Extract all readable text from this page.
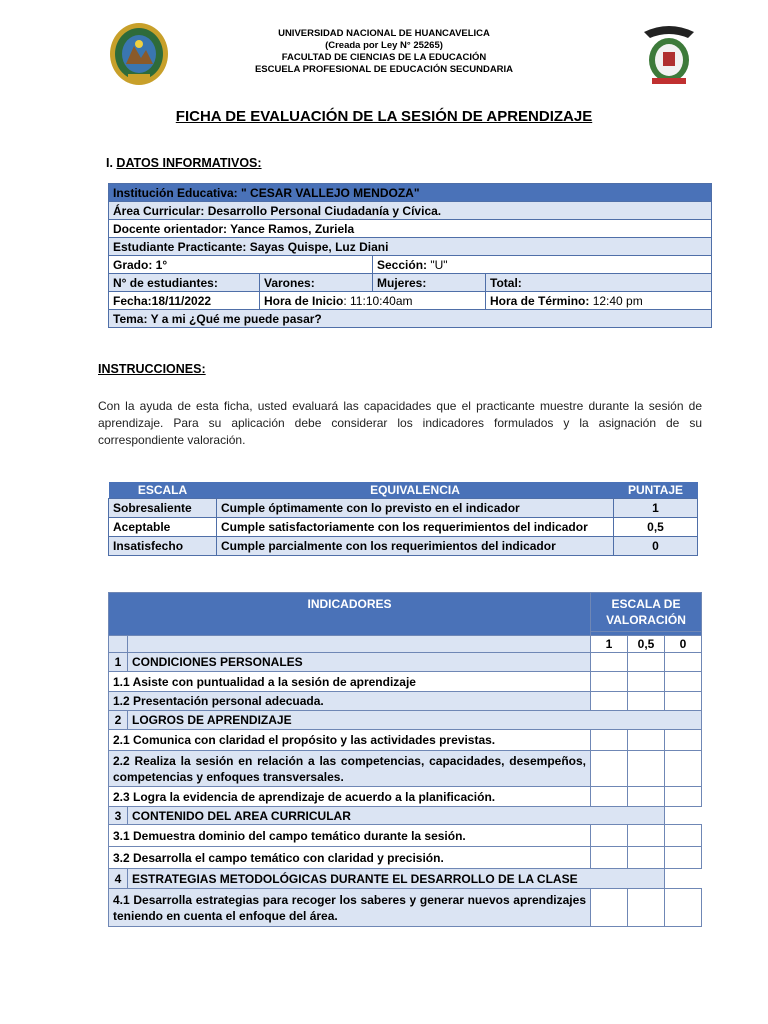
UNIVERSIDAD NACIONAL DE HUANCAVELICA
(Creada por Ley N° 25265)
FACULTAD DE CIENCIAS DE LA EDUCACIÓN
ESCUELA PROFESIONAL DE EDUCACIÓN SECUNDARIA
FICHA DE EVALUACIÓN DE LA SESIÓN DE APRENDIZAJE
I. DATOS INFORMATIVOS:
Institución Educativa: " CESAR VALLEJO MENDOZA"			
Área Curricular: Desarrollo Personal Ciudadanía y Cívica.			
Docente orientador: Yance Ramos, Zuriela			
Estudiante Practicante: Sayas Quispe, Luz Diani			
Grado: 1°		Sección: "U"	
N° de estudiantes:	Varones:	Mujeres:	Total:
Fecha:18/11/2022	Hora de Inicio: 11:10:40am		Hora de Término: 12:40 pm
Tema: Y a mi ¿Qué me puede pasar?			
INSTRUCCIONES:
Con la ayuda de esta ficha, usted evaluará las capacidades que el practicante muestre durante la sesión de aprendizaje. Para su aplicación debe considerar los indicadores formulados y la asignación de su correspondiente valoración.
ESCALA	EQUIVALENCIA	PUNTAJE
Sobresaliente	Cumple óptimamente con lo previsto en el indicador	1
Aceptable	Cumple satisfactoriamente con los requerimientos del indicador	0,5
Insatisfecho	Cumple parcialmente con los requerimientos del indicador	0
INDICADORES		ESCALA DE VALORACIÓN		

		1	0,5	0
1	CONDICIONES PERSONALES			
1.1 Asiste con puntualidad a la sesión de aprendizaje				
1.2 Presentación personal adecuada.				
2	LOGROS DE APRENDIZAJE			
2.1 Comunica con claridad el propósito y las actividades previstas.				
2.2 Realiza la sesión en relación a las competencias, capacidades, desempeños, competencias y enfoques transversales.				
2.3 Logra la evidencia de aprendizaje de acuerdo a la planificación.				
3	CONTENIDO DEL AREA CURRICULAR			
3.1 Demuestra dominio del campo temático durante la sesión.				
3.2 Desarrolla el campo temático con claridad y precisión.				
4	ESTRATEGIAS METODOLÓGICAS DURANTE EL DESARROLLO DE LA CLASE			
4.1 Desarrolla estrategias para recoger los saberes y generar nuevos aprendizajes teniendo en cuenta el enfoque del área.				
